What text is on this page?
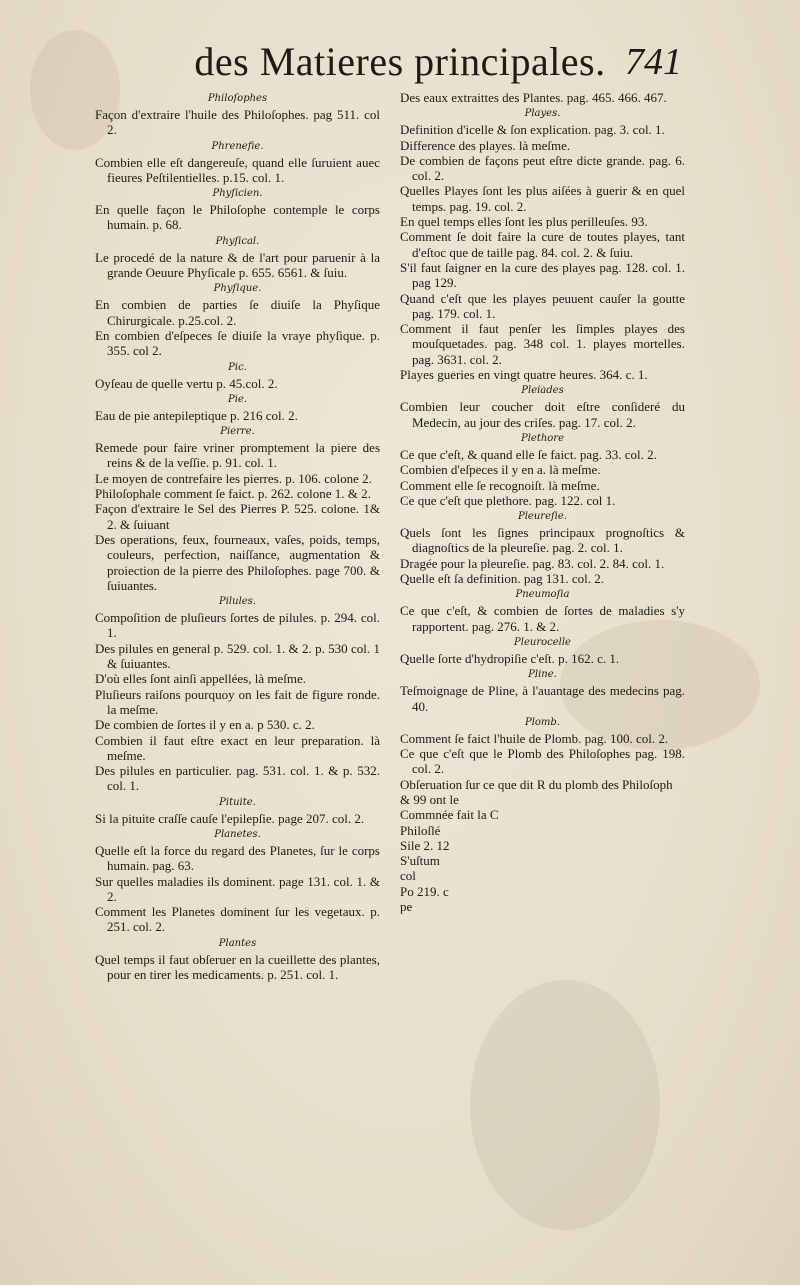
des Matieres principales. 741
Philoſophes

Façon d'extraire l'huile des Philoſophes. pag 511. col 2.

Phrenefie.

Combien elle eſt dangereuſe, quand elle ſuruient auec fieures Peſtilentielles. p.15. col. 1.

Phyſicien.

En quelle façon le Philoſophe contemple le corps humain. p. 68.

Phyſical.

Le procedé de la nature & de l'art pour paruenir à la grande Oeuure Phyſicale p. 655. 6561. & ſuiu.

Phyſique.

En combien de parties ſe diuiſe la Phyſique Chirurgicale. p.25.col. 2.

En combien d'eſpeces ſe diuiſe la vraye phyſique. p. 355. col 2.

Pic.

Oyſeau de quelle vertu p. 45.col. 2.

Pie.

Eau de pie antepileptique p. 216 col. 2.

Pierre.

Remede pour faire vriner promptement la piere des reins & de la veſſie. p. 91. col. 1.

Le moyen de contrefaire les pierres. p. 106. colone 2.

Philoſophale comment ſe faict. p. 262. colone 1. & 2.

Façon d'extraire le Sel des Pierres P. 525. colone. 1& 2. & ſuiuant

Des operations, feux, fourneaux, vaſes, poids, temps, couleurs, perfection, naiſſance, augmentation & proiection de la pierre des Philoſophes. page 700. & ſuiuantes.

Pilules.

Compoſition de pluſieurs ſortes de pilules. p. 294. col. 1.

Des pilules en general p. 529. col. 1. & 2. p. 530 col. 1 & ſuiuantes.

D'où elles ſont ainſi appellées, là meſme.

Pluſieurs raiſons pourquoy on les fait de figure ronde. la meſme.

De combien de ſortes il y en a. p 530. c. 2.

Combien il faut eſtre exact en leur preparation. là meſme.

Des pilules en particulier. pag. 531. col. 1. & p. 532. col. 1.

Pituite.

Si la pituite craſſe cauſe l'epilepſie. page 207. col. 2.

Planetes.

Quelle eſt la force du regard des Planetes, ſur le corps humain. pag. 63.

Sur quelles maladies ils dominent. page 131. col. 1. & 2.

Comment les Planetes dominent ſur les vegetaux. p. 251. col. 2.

Plantes

Quel temps il faut obſeruer en la cueillette des plantes, pour en tirer les medicaments. p. 251. col. 1.

Des eaux extraittes des Plantes. pag. 465. 466. 467.

Playes.

Definition d'icelle & ſon explication. pag. 3. col. 1.

Difference des playes. là meſme.

De combien de façons peut eſtre dicte grande. pag. 6. col. 2.

Quelles Playes ſont les plus aiſées à guerir & en quel temps. pag. 19. col. 2.

En quel temps elles ſont les plus perilleuſes. 93.

Comment ſe doit faire la cure de toutes playes, tant d'eſtoc que de taille pag. 84. col. 2. & ſuiu.

S'il faut ſaigner en la cure des playes pag. 128. col. 1. pag 129.

Quand c'eſt que les playes peuuent cauſer la goutte pag. 179. col. 1.

Comment il faut penſer les ſimples playes des mouſquetades. pag. 348 col. 1. playes mortelles. pag. 3631. col. 2.

Playes gueries en vingt quatre heures. 364. c. 1.

Pleiades

Combien leur coucher doit eſtre conſideré du Medecin, au jour des criſes. pag. 17. col. 2.

Plethore

Ce que c'eſt, & quand elle ſe faict. pag. 33. col. 2.

Combien d'eſpeces il y en a. là meſme.

Comment elle ſe recognoiſt. là meſme.

Ce que c'eſt que plethore. pag. 122. col 1.

Pleureſie.

Quels ſont les ſignes principaux prognoſtics & diagnoſtics de la pleureſie. pag. 2. col. 1.

Dragée pour la pleureſie. pag. 83. col. 2. 84. col. 1.

Quelle eſt ſa definition. pag 131. col. 2.

Pneumoſia

Ce que c'eſt, & combien de ſortes de maladies s'y rapportent. pag. 276. 1. & 2.

Pleurocelle

Quelle ſorte d'hydropiſie c'eſt. p. 162. c. 1.

Pline.

Teſmoignage de Pline, à l'auantage des medecins pag. 40.

Plomb.

Comment ſe faict l'huile de Plomb. pag. 100. col. 2.

Ce que c'eſt que le Plomb des Philoſophes pag. 198. col. 2.

Obſeruation ſur ce que dit R du plomb des Philoſoph

& 99 ont le

Commnée fait la C

Philoſlé

Sile 2. 12

S'uſtum

col

Po 219. c

pe
